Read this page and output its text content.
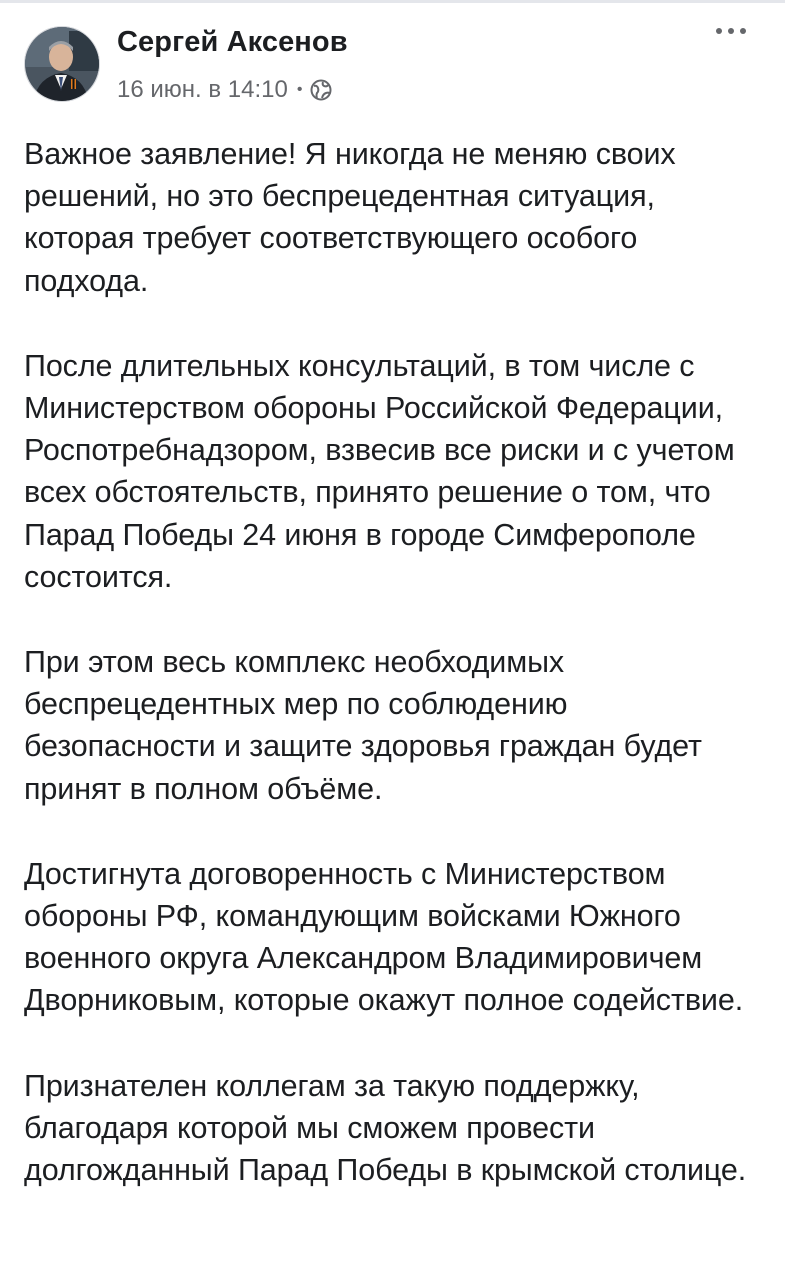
Сергей Аксенов
16 июн. в 14:10 •

Важное заявление! Я никогда не меняю своих решений, но это беспрецедентная ситуация, которая требует соответствующего особого подхода.

После длительных консультаций, в том числе с Министерством обороны Российской Федерации, Роспотребнадзором, взвесив все риски и с учетом всех обстоятельств, принято решение о том, что Парад Победы 24 июня в городе Симферополе состоится.

При этом весь комплекс необходимых беспрецедентных мер по соблюдению безопасности и защите здоровья граждан будет принят в полном объёме.

Достигнута договоренность с Министерством обороны РФ, командующим войсками Южного военного округа Александром Владимировичем Дворниковым, которые окажут полное содействие.

Признателен коллегам за такую поддержку, благодаря которой мы сможем провести долгожданный Парад Победы в крымской столице.
